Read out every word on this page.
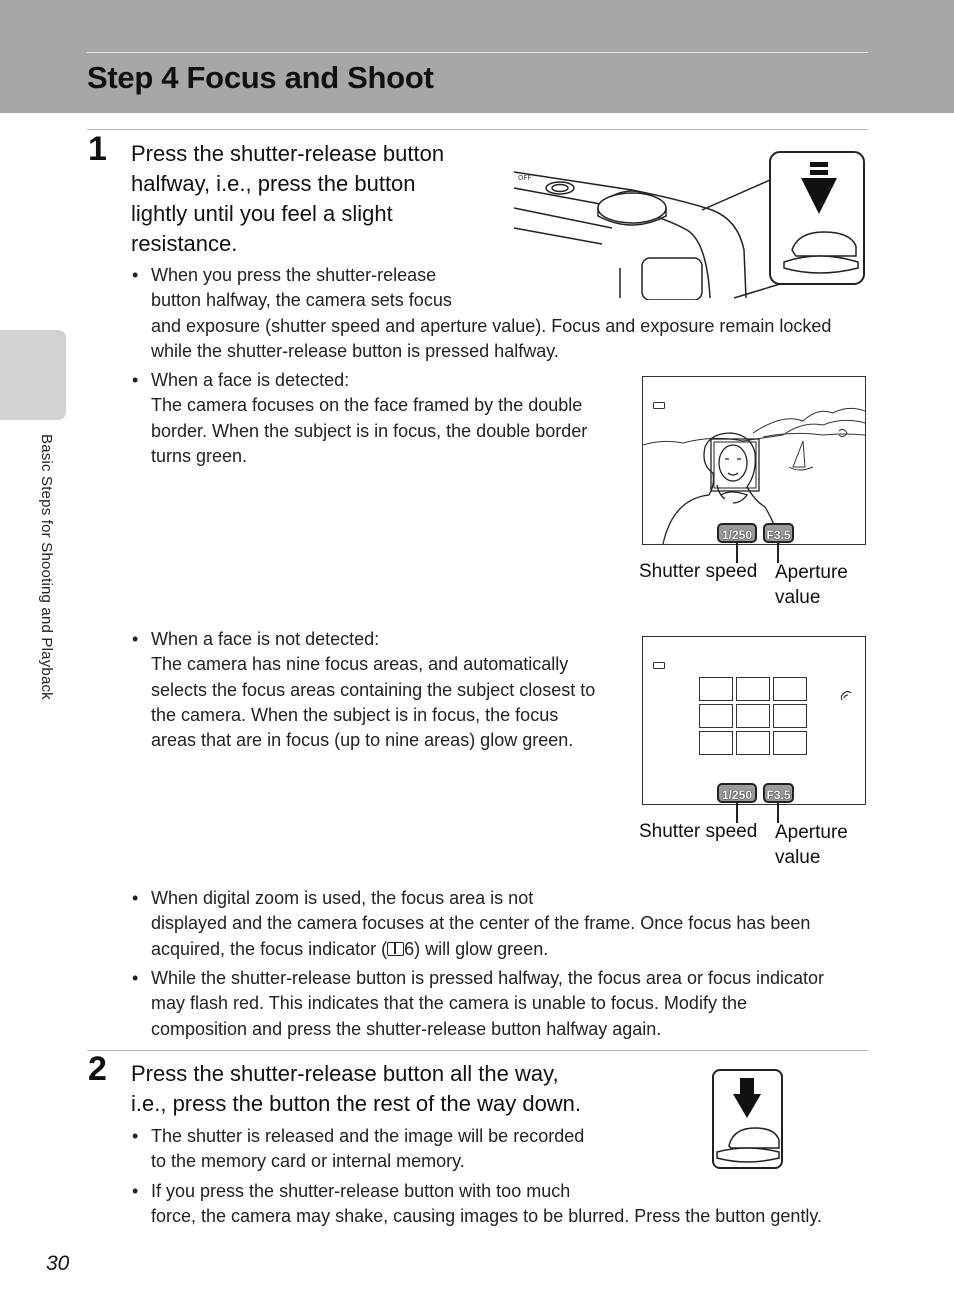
Step 4 Focus and Shoot
Basic Steps for Shooting and Playback
1 Press the shutter-release button
halfway, i.e., press the button
lightly until you feel a slight
resistance.
OFF
• When you press the shutter-release

button halfway, the camera sets focus

and exposure (shutter speed and aperture value). Focus and exposure remain locked

while the shutter-release button is pressed halfway.

• When a face is detected:

The camera focuses on the face framed by the double

border. When the subject is in focus, the double border

turns green.

1/250	F3.5
Shutter speed Aperture
value
• When a face is not detected:

The camera has nine focus areas, and automatically

selects the focus areas containing the subject closest to

the camera. When the subject is in focus, the focus

areas that are in focus (up to nine areas) glow green.

1/250	F3.5
Shutter speed Aperture
value
• When digital zoom is used, the focus area is not

displayed and the camera focuses at the center of the frame. Once focus has been

acquired, the focus indicator ( 6) will glow green.

• While the shutter-release button is pressed halfway, the focus area or focus indicator

may flash red. This indicates that the camera is unable to focus. Modify the

composition and press the shutter-release button halfway again.

2 Press the shutter-release button all the way,
i.e., press the button the rest of the way down.
• The shutter is released and the image will be recorded

to the memory card or internal memory.

• If you press the shutter-release button with too much

force, the camera may shake, causing images to be blurred. Press the button gently.

30
